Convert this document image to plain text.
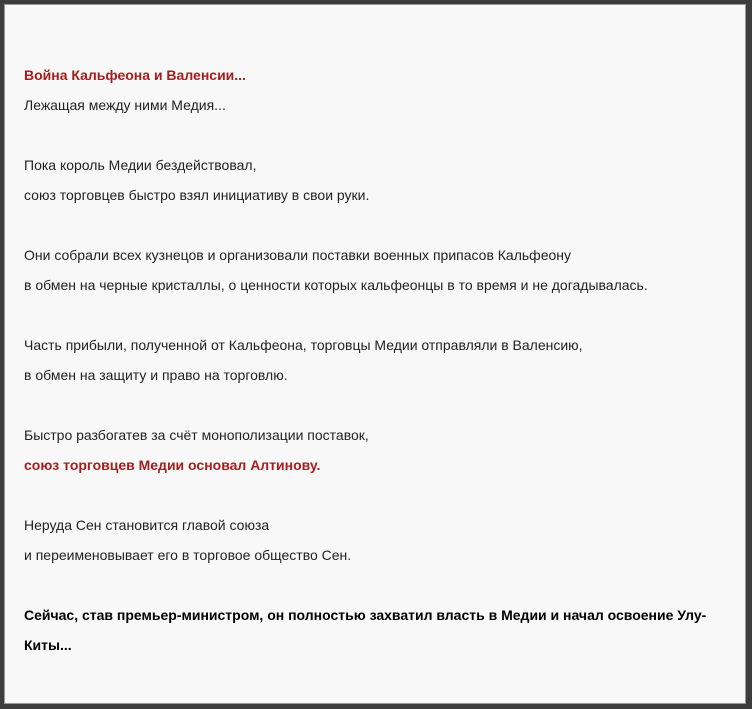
Война Кальфеона и Валенсии...
Лежащая между ними Медия...
Пока король Медии бездействовал,
союз торговцев быстро взял инициативу в свои руки.
Они собрали всех кузнецов и организовали поставки военных припасов Кальфеону
в обмен на черные кристаллы, о ценности которых кальфеонцы в то время и не догадывалась.
Часть прибыли, полученной от Кальфеона, торговцы Медии отправляли в Валенсию,
в обмен на защиту и право на торговлю.
Быстро разбогатев за счёт монополизации поставок,
союз торговцев Медии основал Алтинову.
Неруда Сен становится главой союза
и переименовывает его в торговое общество Сен.
Сейчас, став премьер-министром, он полностью захватил власть в Медии и начал освоение Улу-Киты...
